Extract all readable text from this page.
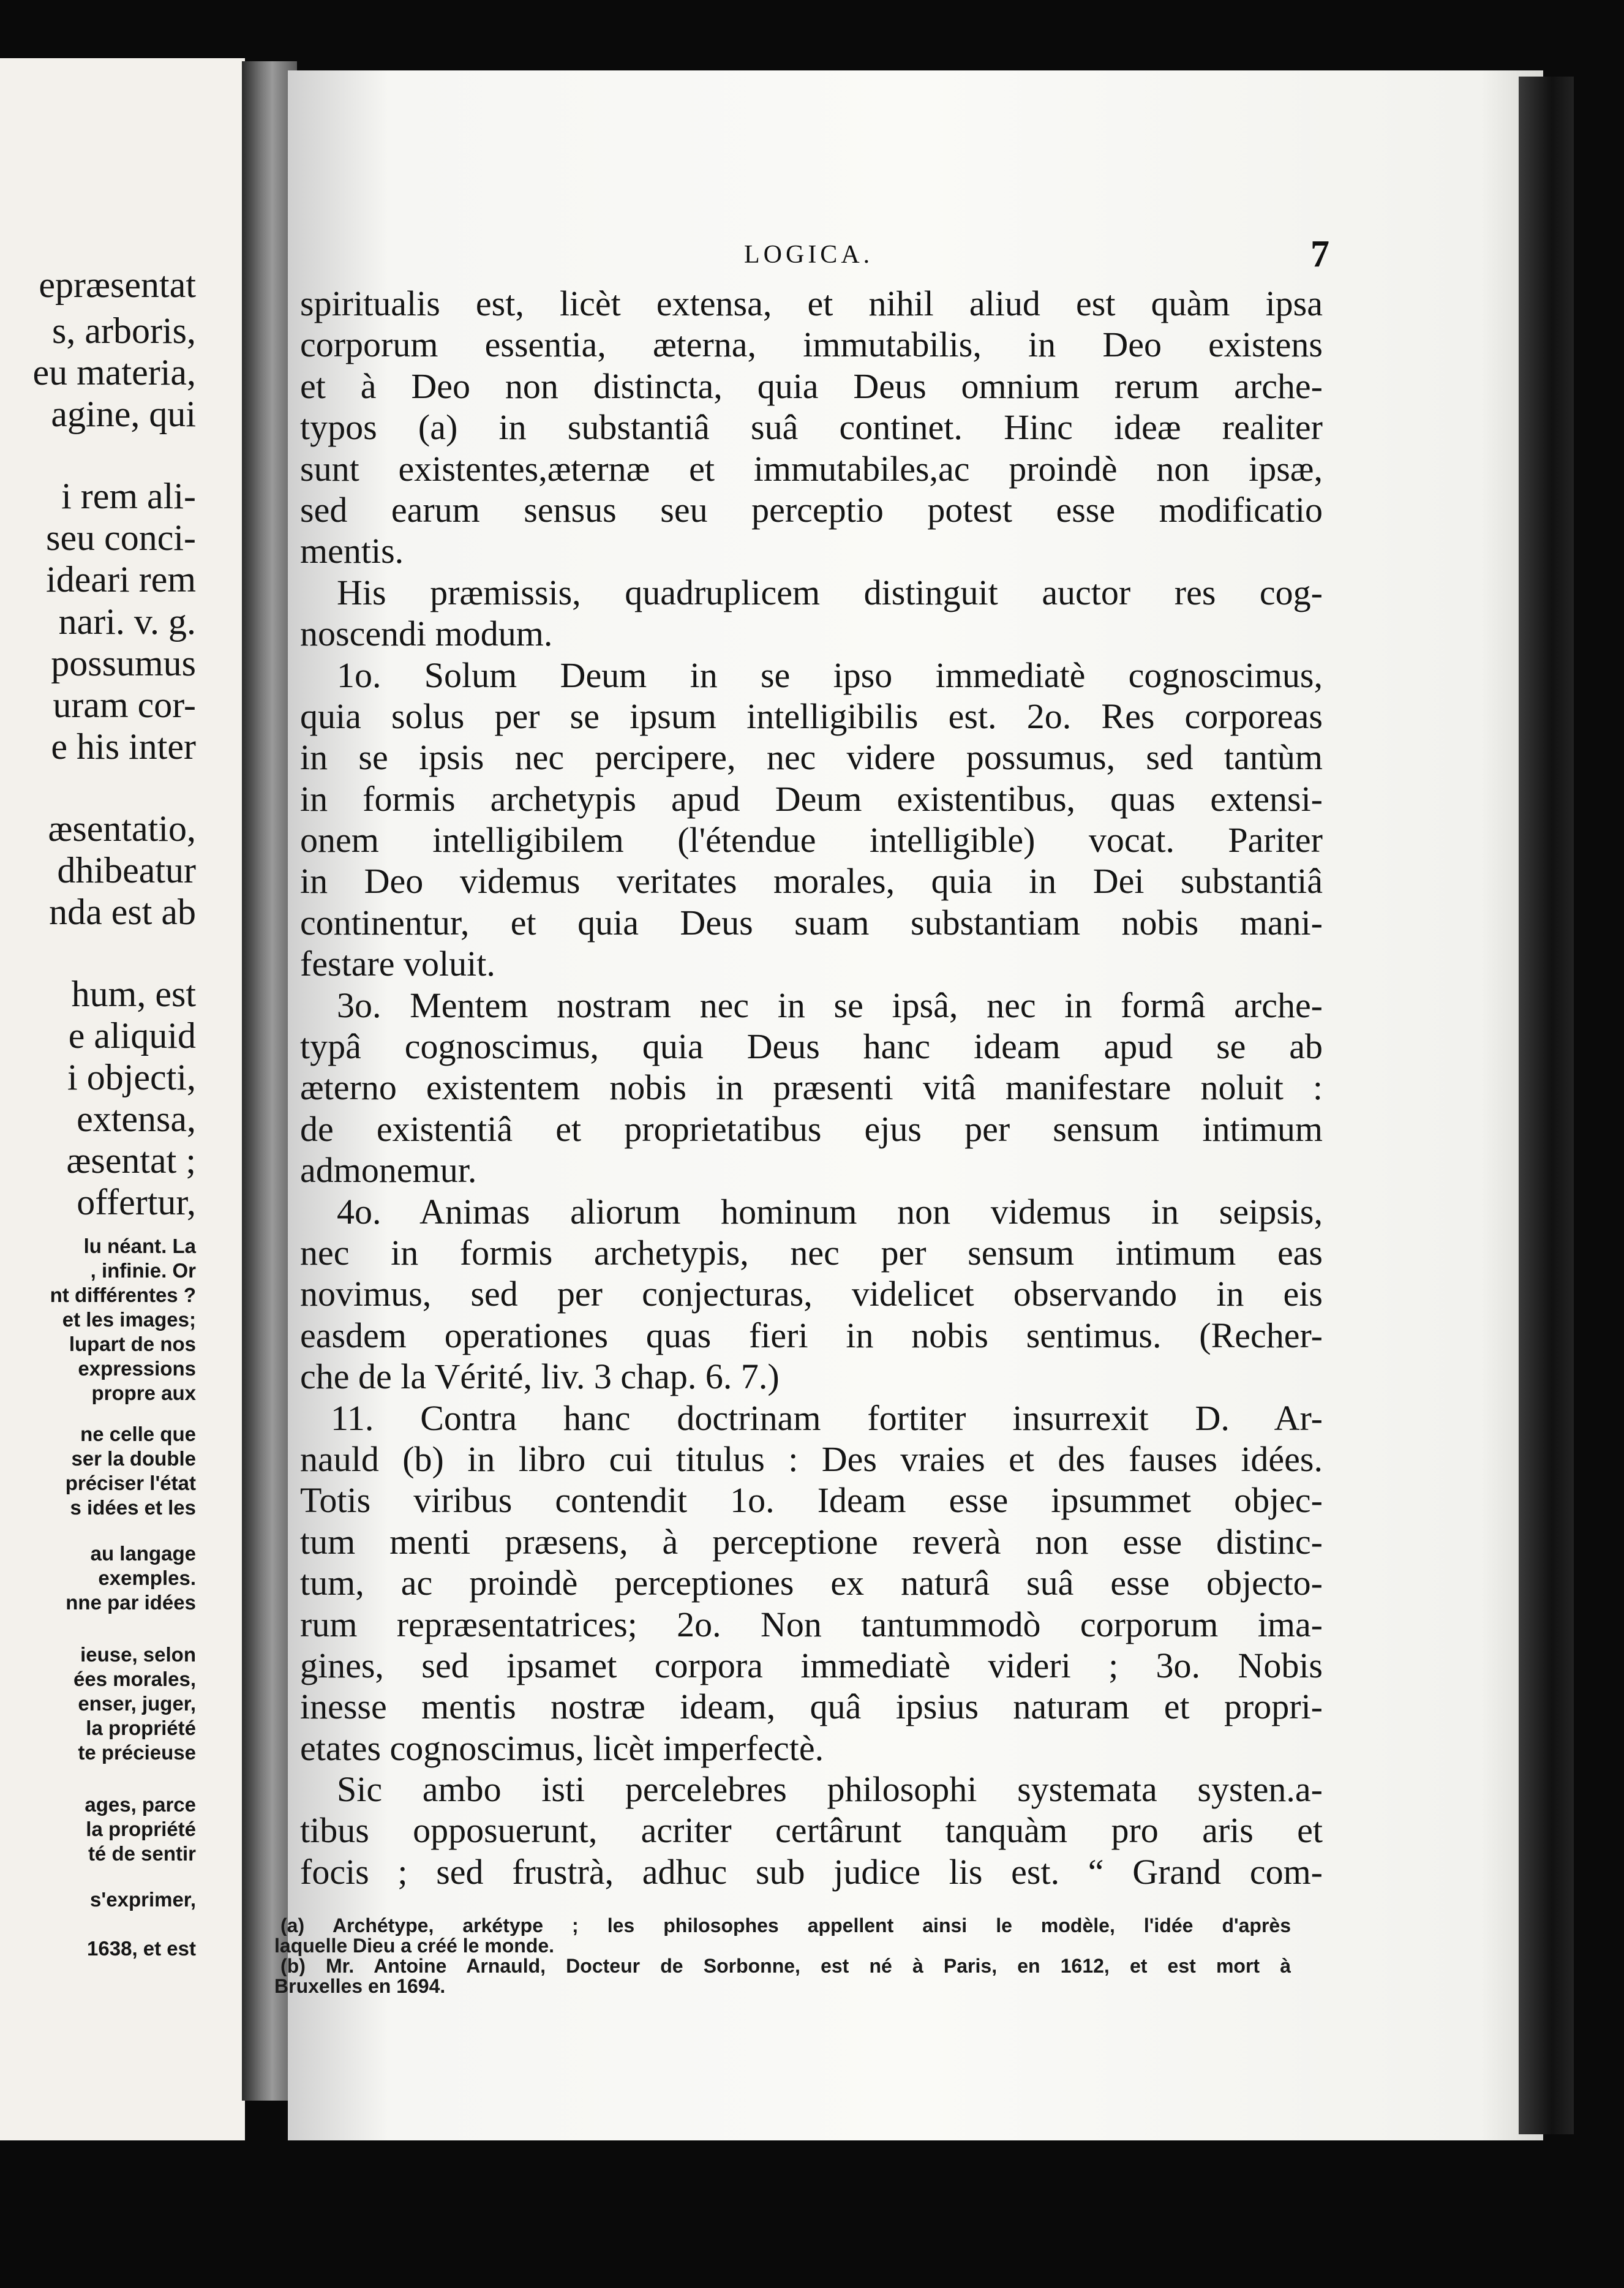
epræsentat
s, arboris,
eu materia,
agine, qui
i rem ali-
seu conci-
ideari rem
nari. v. g.
possumus
uram cor-
e his inter
æsentatio,
dhibeatur
nda est ab
hum, est
e aliquid
i objecti,
extensa,
æsentat ;
offertur,
lu néant. La
, infinie. Or
nt différentes ?
et les images;
lupart de nos
expressions
propre aux
ne celle que
ser la double
préciser l'état
s idées et les
au langage
exemples.
nne par idées
ieuse, selon
ées morales,
enser, juger,
la propriété
te précieuse
ages, parce
la propriété
té de sentir
s'exprimer,
1638, et est
LOGICA.	7
spiritualis est, licèt extensa, et nihil aliud est quàm ipsa
corporum essentia, æterna, immutabilis, in Deo existens
et à Deo non distincta, quia Deus omnium rerum arche-
typos (a) in substantiâ suâ continet. Hinc ideæ realiter
sunt existentes,æternæ et immutabiles,ac proindè non ipsæ,
sed earum sensus seu perceptio potest esse modificatio
mentis.
His præmissis, quadruplicem distinguit auctor res cog-
noscendi modum.
1o. Solum Deum in se ipso immediatè cognoscimus,
quia solus per se ipsum intelligibilis est. 2o. Res corporeas
in se ipsis nec percipere, nec videre possumus, sed tantùm
in formis archetypis apud Deum existentibus, quas extensi-
onem intelligibilem (l'étendue intelligible) vocat. Pariter
in Deo videmus veritates morales, quia in Dei substantiâ
continentur, et quia Deus suam substantiam nobis mani-
festare voluit.
3o. Mentem nostram nec in se ipsâ, nec in formâ arche-
typâ cognoscimus, quia Deus hanc ideam apud se ab
æterno existentem nobis in præsenti vitâ manifestare noluit :
de existentiâ et proprietatibus ejus per sensum intimum
admonemur.
4o. Animas aliorum hominum non videmus in seipsis,
nec in formis archetypis, nec per sensum intimum eas
novimus, sed per conjecturas, videlicet observando in eis
easdem operationes quas fieri in nobis sentimus. (Recher-
che de la Vérité, liv. 3 chap. 6. 7.)
11. Contra hanc doctrinam fortiter insurrexit D. Ar-
nauld (b) in libro cui titulus : Des vraies et des fauses idées.
Totis viribus contendit 1o. Ideam esse ipsummet objec-
tum menti præsens, à perceptione reverà non esse distinc-
tum, ac proindè perceptiones ex naturâ suâ esse objecto-
rum repræsentatrices; 2o. Non tantummodò corporum ima-
gines, sed ipsamet corpora immediatè videri ; 3o. Nobis
inesse mentis nostræ ideam, quâ ipsius naturam et propri-
etates cognoscimus, licèt imperfectè.
Sic ambo isti percelebres philosophi systemata systen.a-
tibus opposuerunt, acriter certârunt tanquàm pro aris et
focis ; sed frustrà, adhuc sub judice lis est. “ Grand com-
(a) Archétype, arkétype ; les philosophes appellent ainsi le modèle, l'idée d'après
laquelle Dieu a créé le monde.
(b) Mr. Antoine Arnauld, Docteur de Sorbonne, est né à Paris, en 1612, et est mort à
Bruxelles en 1694.
